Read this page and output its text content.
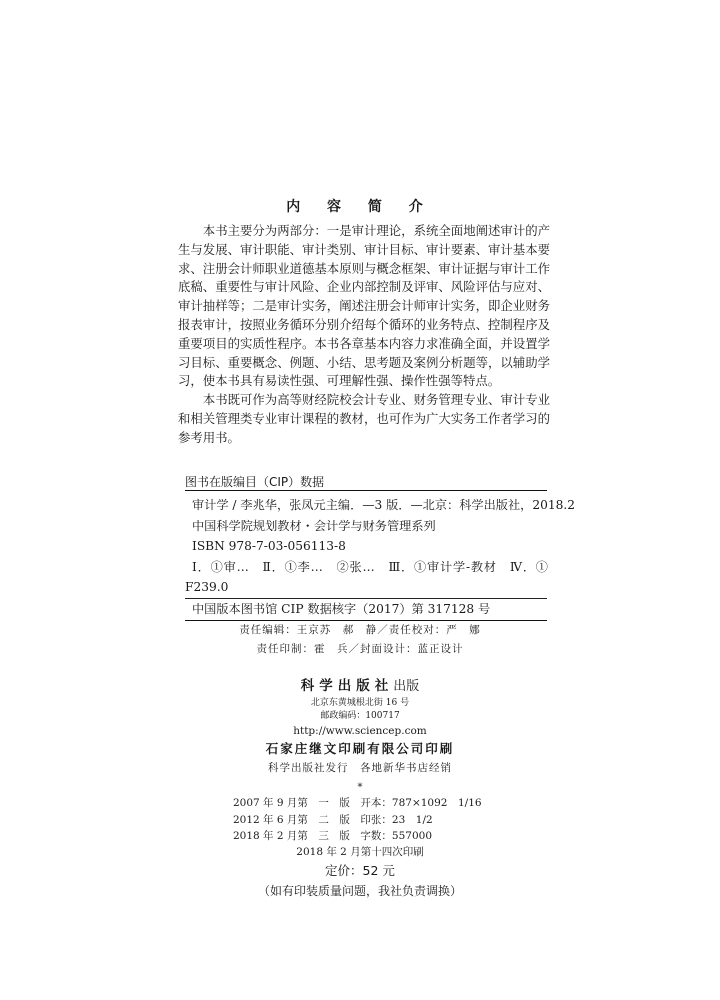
内 容 简 介

本书主要分为两部分：一是审计理论，系统全面地阐述审计的产生与发展、审计职能、审计类别、审计目标、审计要素、审计基本要求、注册会计师职业道德基本原则与概念框架、审计证据与审计工作底稿、重要性与审计风险、企业内部控制及评审、风险评估与应对、审计抽样等；二是审计实务，阐述注册会计师审计实务，即企业财务报表审计，按照业务循环分别介绍每个循环的业务特点、控制程序及重要项目的实质性程序。本书各章基本内容力求准确全面，并设置学习目标、重要概念、例题、小结、思考题及案例分析题等，以辅助学习，使本书具有易读性强、可理解性强、操作性强等特点。

本书既可作为高等财经院校会计专业、财务管理专业、审计专业和相关管理类专业审计课程的教材，也可作为广大实务工作者学习的参考用书。

图书在版编目（CIP）数据
审计学 / 李兆华，张凤元主编．—3 版．—北京：科学出版社，2018.2
中国科学院规划教材・会计学与财务管理系列
ISBN 978-7-03-056113-8
Ⅰ．①审…　Ⅱ．①李…　②张…　Ⅲ．①审计学-教材　Ⅳ．①
F239.0
中国版本图书馆 CIP 数据核字（2017）第 317128 号
责任编辑：王京苏　郝　静／责任校对：严　娜
责任印制：霍　兵／封面设计：蓝正设计
科学出版社出版
北京东黄城根北街 16 号
邮政编码：100717
http://www.sciencep.com
石家庄继文印刷有限公司印刷
科学出版社发行　各地新华书店经销
*
2007 年 9 月第　一　版　开本：787×1092　1/16
2012 年 6 月第　二　版　印张：23　1/2
2018 年 2 月第　三　版　字数：557000
2018 年 2 月第十四次印刷
定价：52 元
（如有印装质量问题，我社负责调换）
